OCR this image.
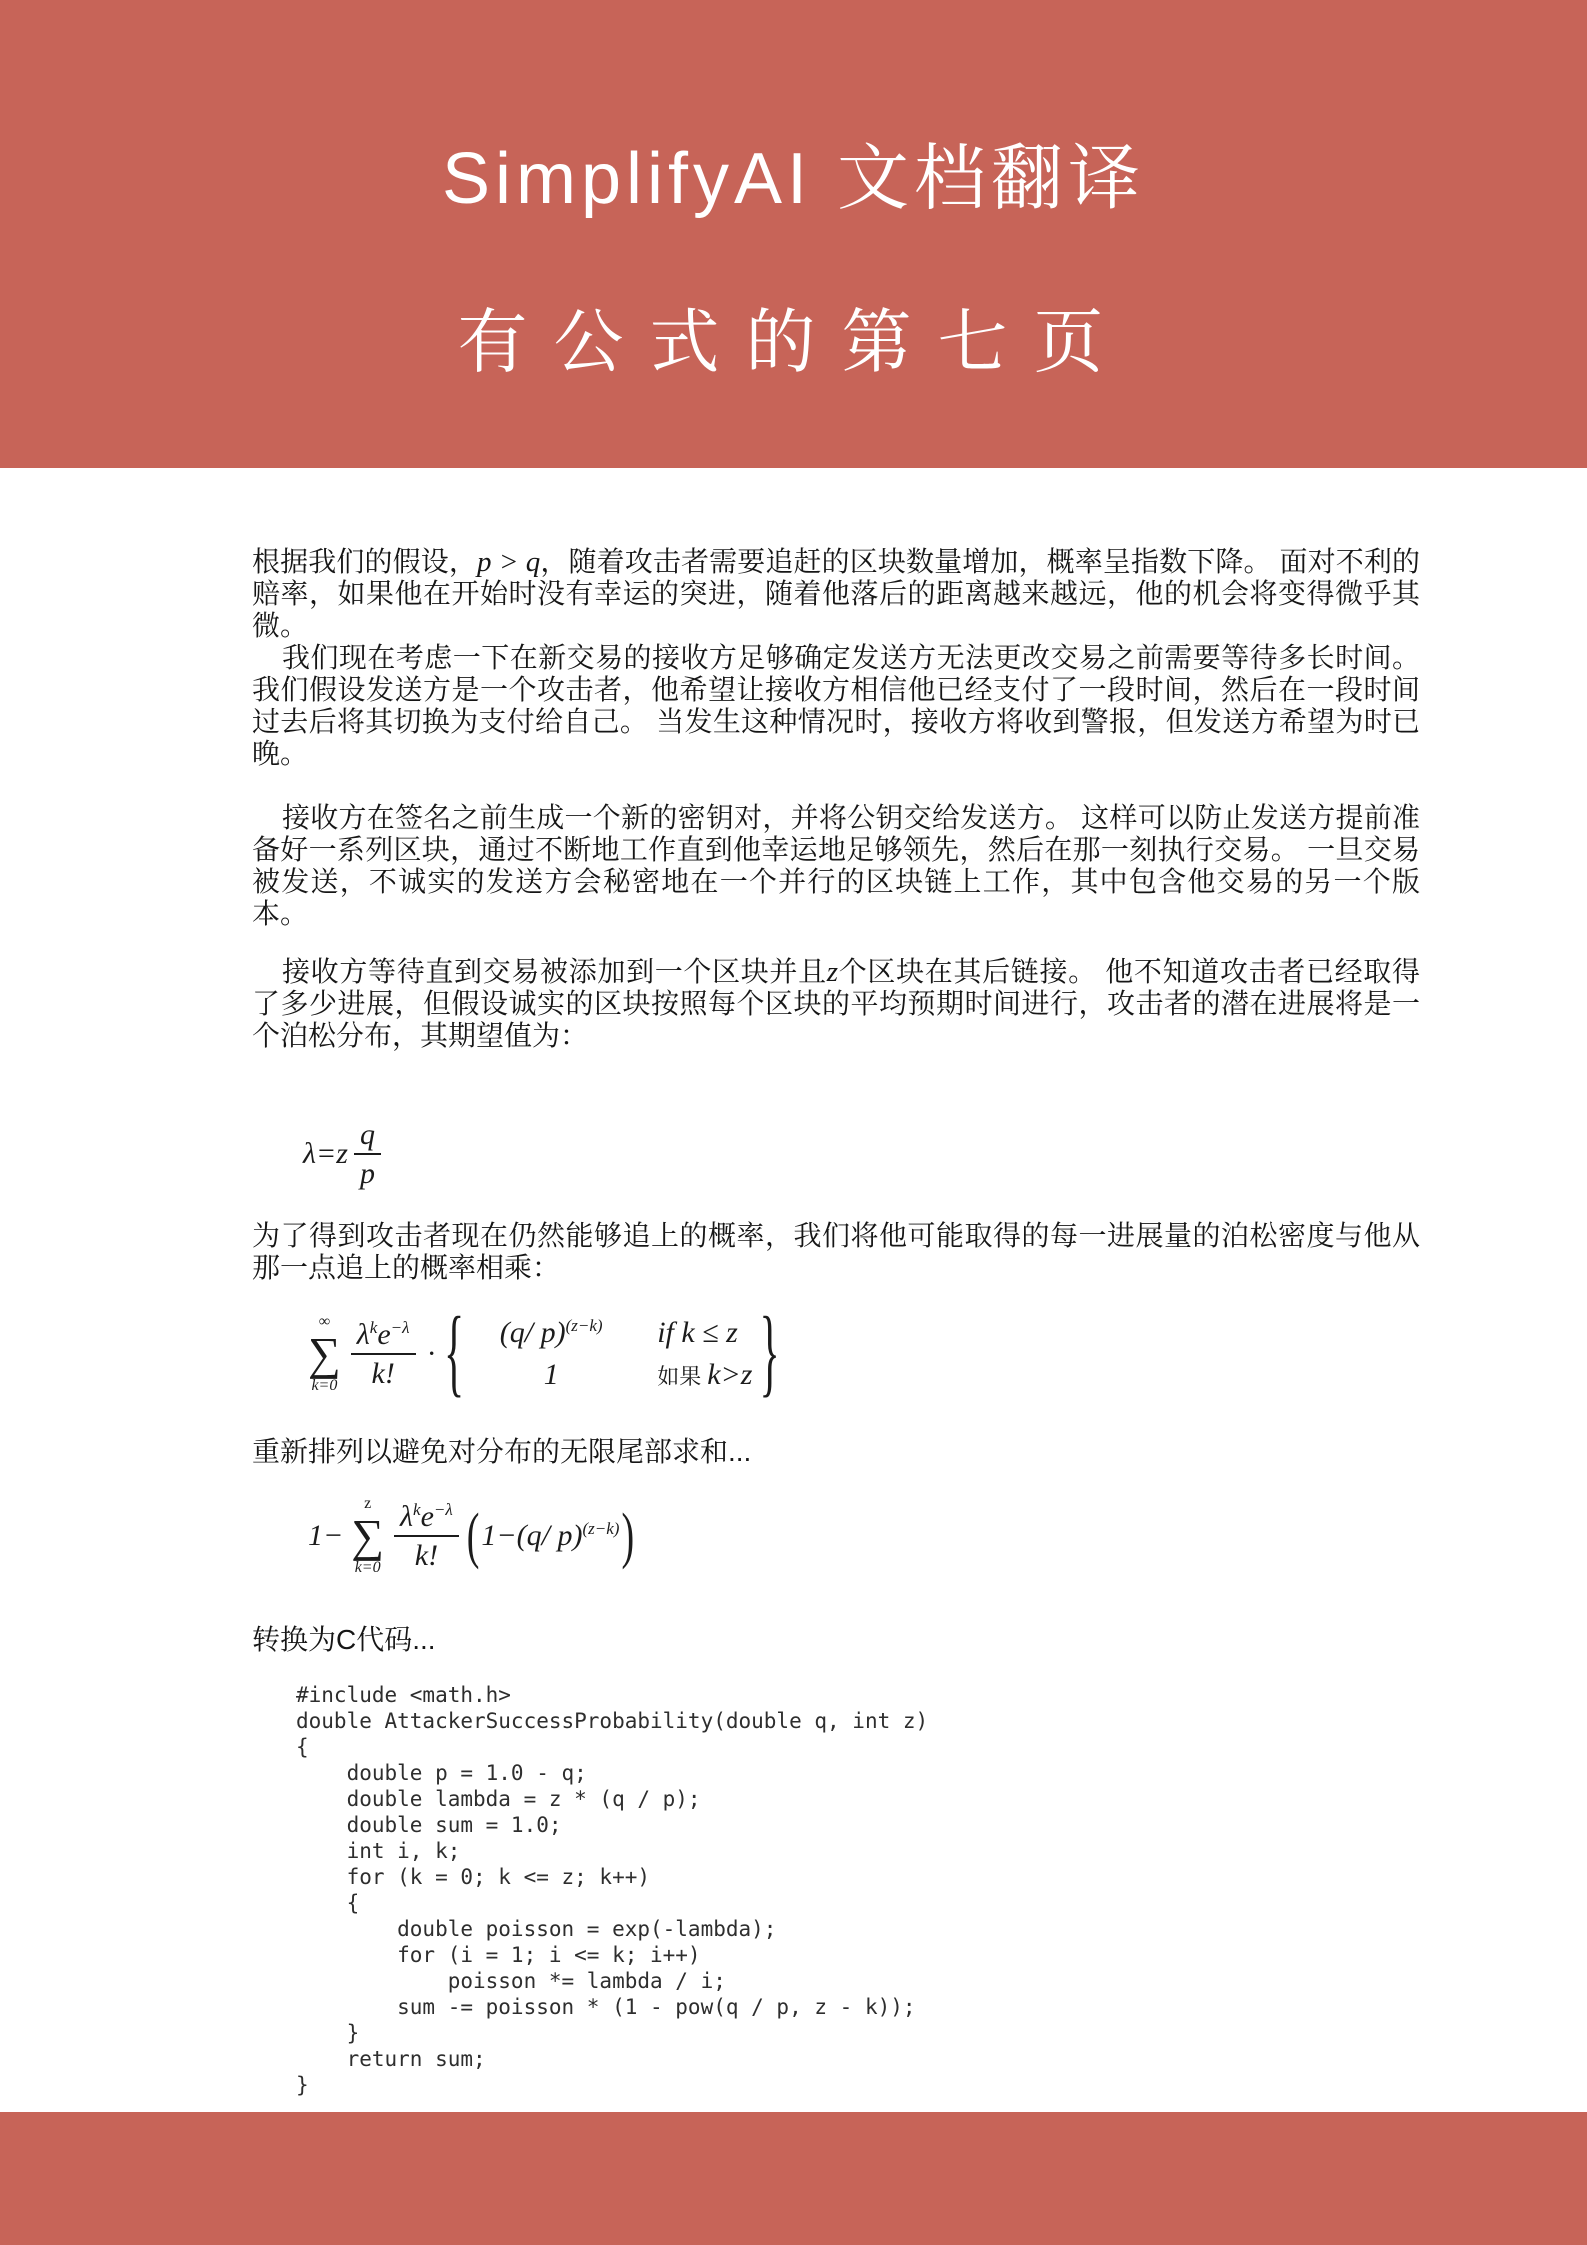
SimplifyAI 文档翻译
有公式的第七页

根据我们的假设，p > q，随着攻击者需要追赶的区块数量增加，概率呈指数下降。 面对不利的赔率，如果他在开始时没有幸运的突进，随着他落后的距离越来越远，他的机会将变得微乎其微。

我们现在考虑一下在新交易的接收方足够确定发送方无法更改交易之前需要等待多长时间。 我们假设发送方是一个攻击者，他希望让接收方相信他已经支付了一段时间，然后在一段时间过去后将其切换为支付给自己。 当发生这种情况时，接收方将收到警报，但发送方希望为时已晚。

接收方在签名之前生成一个新的密钥对，并将公钥交给发送方。 这样可以防止发送方提前准备好一系列区块，通过不断地工作直到他幸运地足够领先，然后在那一刻执行交易。 一旦交易被发送，不诚实的发送方会秘密地在一个并行的区块链上工作，其中包含他交易的另一个版本。

接收方等待直到交易被添加到一个区块并且z个区块在其后链接。 他不知道攻击者已经取得了多少进展，但假设诚实的区块按照每个区块的平均预期时间进行，攻击者的潜在进展将是一个泊松分布，其期望值为：

λ= z $\frac{q}{p}$

为了得到攻击者现在仍然能够追上的概率，我们将他可能取得的每一进展量的泊松密度与他从那一点追上的概率相乘：

∞
∑
$k=0 \frac{\lambda^ke^{-\lambda}}{k!}$ · {	(q/ p)$^{(z-k)}$	if k ≤ z
1	如果 k>z }

重新排列以避免对分布的无限尾部求和...

1−
z
∑
$k=0 \frac{\lambda^ke^{-\lambda}}{k!}$ ( 1−(q/ p)$^{(z-k)}$ )

转换为C代码...

#include <math.h>
double AttackerSuccessProbability(double q, int z)
{
double p = 1.0 - q;
double lambda = z * (q / p);
double sum = 1.0;
int i, k;
for (k = 0; k <= z; k++)
{
double poisson = exp(-lambda);
for (i = 1; i <= k; i++)
poisson *= lambda / i;
sum -= poisson * (1 - pow(q / p, z - k));
}
return sum;
}
